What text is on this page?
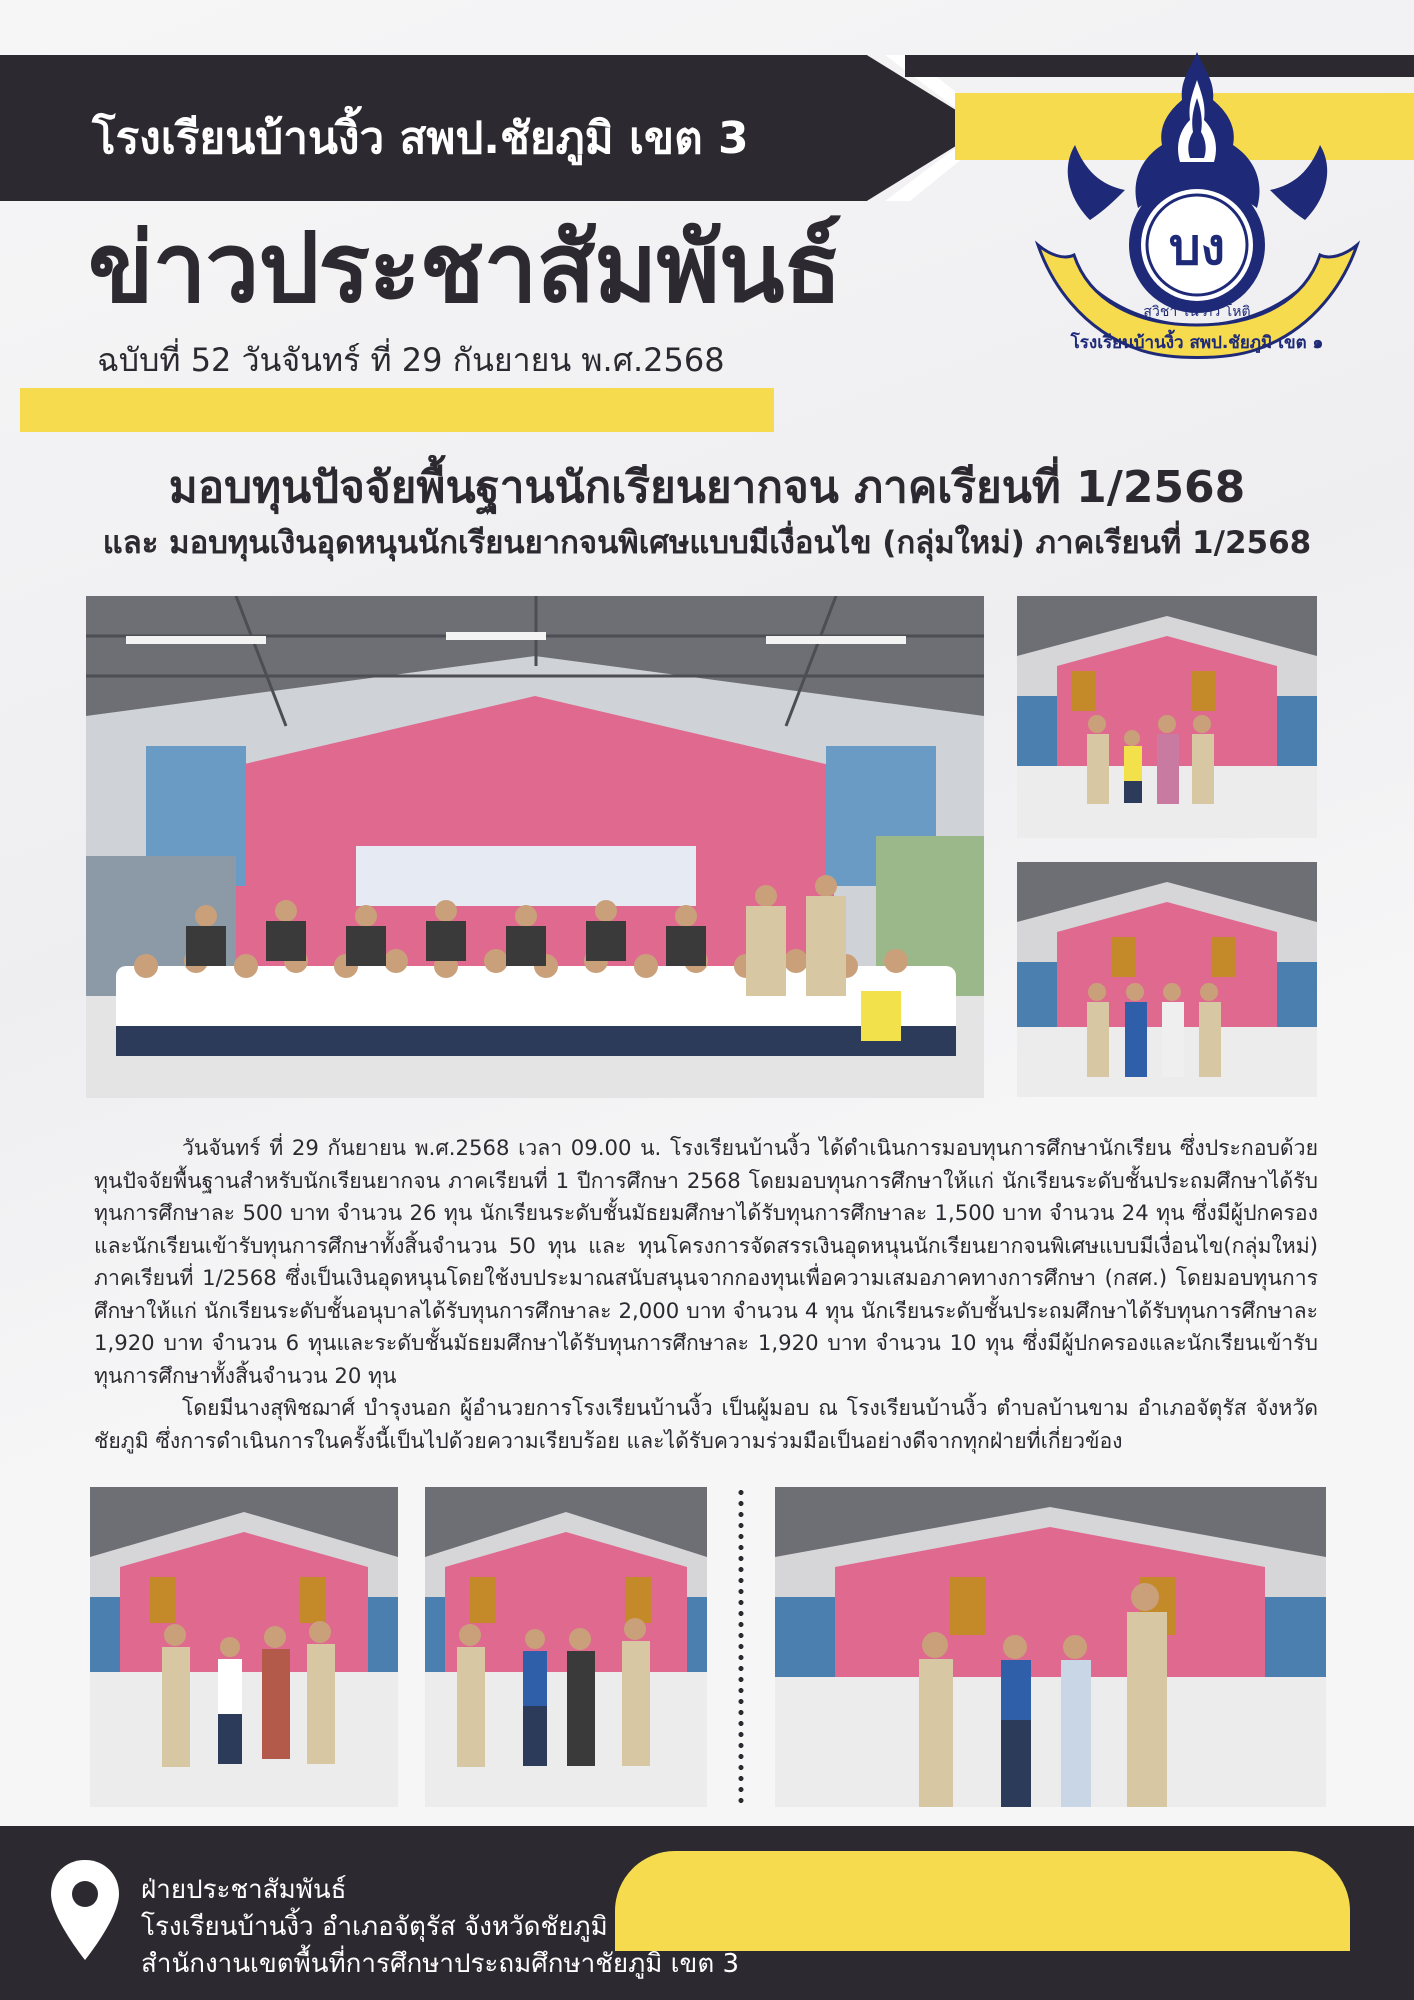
โรงเรียนบ้านงิ้ว สพป.ชัยภูมิ เขต 3
ข่าวประชาสัมพันธ์
ฉบับที่ 52 วันจันทร์ ที่ 29 กันยายน พ.ศ.2568
บง
สุวิชา โน ภวํ โหติ
โรงเรียนบ้านงิ้ว สพป.ชัยภูมิ เขต ๑
มอบทุนปัจจัยพื้นฐานนักเรียนยากจน ภาคเรียนที่ 1/2568
และ มอบทุนเงินอุดหนุนนักเรียนยากจนพิเศษแบบมีเงื่อนไข (กลุ่มใหม่) ภาคเรียนที่ 1/2568

วันจันทร์ ที่ 29 กันยายน พ.ศ.2568 เวลา 09.00 น. โรงเรียนบ้านงิ้ว ได้ดำเนินการมอบทุนการศึกษานักเรียน ซึ่งประกอบด้วย ทุนปัจจัยพื้นฐานสำหรับนักเรียนยากจน ภาคเรียนที่ 1 ปีการศึกษา 2568 โดยมอบทุนการศึกษาให้แก่ นักเรียนระดับชั้นประถมศึกษาได้รับทุนการศึกษาละ 500 บาท จำนวน 26 ทุน นักเรียนระดับชั้นมัธยมศึกษาได้รับทุนการศึกษาละ 1,500 บาท จำนวน 24 ทุน ซึ่งมีผู้ปกครองและนักเรียนเข้ารับทุนการศึกษาทั้งสิ้นจำนวน 50 ทุน และ ทุนโครงการจัดสรรเงินอุดหนุนนักเรียนยากจนพิเศษแบบมีเงื่อนไข(กลุ่มใหม่) ภาคเรียนที่ 1/2568 ซึ่งเป็นเงินอุดหนุนโดยใช้งบประมาณสนับสนุนจากกองทุนเพื่อความเสมอภาคทางการศึกษา (กสศ.) โดยมอบทุนการศึกษาให้แก่ นักเรียนระดับชั้นอนุบาลได้รับทุนการศึกษาละ 2,000 บาท จำนวน 4 ทุน นักเรียนระดับชั้นประถมศึกษาได้รับทุนการศึกษาละ 1,920 บาท จำนวน 6 ทุนและระดับชั้นมัธยมศึกษาได้รับทุนการศึกษาละ 1,920 บาท จำนวน 10 ทุน ซึ่งมีผู้ปกครองและนักเรียนเข้ารับทุนการศึกษาทั้งสิ้นจำนวน 20 ทุน

โดยมีนางสุพิชฌาศ์ บำรุงนอก ผู้อำนวยการโรงเรียนบ้านงิ้ว เป็นผู้มอบ ณ โรงเรียนบ้านงิ้ว ตำบลบ้านขาม อำเภอจัตุรัส จังหวัดชัยภูมิ ซึ่งการดำเนินการในครั้งนี้เป็นไปด้วยความเรียบร้อย และได้รับความร่วมมือเป็นอย่างดีจากทุกฝ่ายที่เกี่ยวข้อง

ฝ่ายประชาสัมพันธ์
โรงเรียนบ้านงิ้ว อำเภอจัตุรัส จังหวัดชัยภูมิ
สำนักงานเขตพื้นที่การศึกษาประถมศึกษาชัยภูมิ เขต 3
